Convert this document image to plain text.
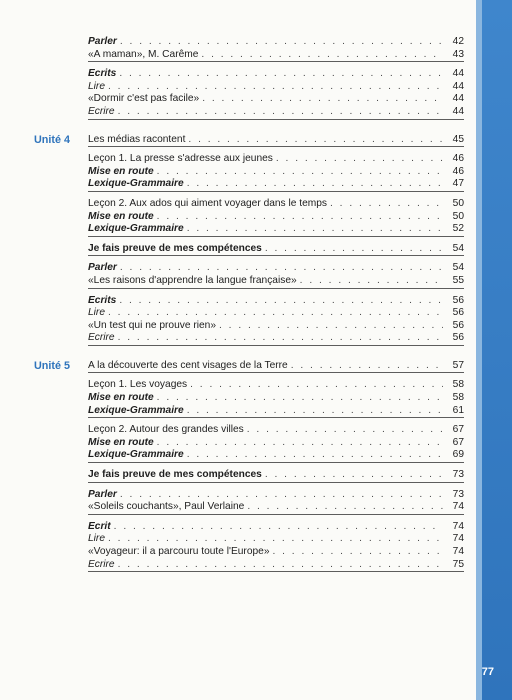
77
Parler . . .	42
«A maman», M. Carême . . .	43
Ecrits . . .	44
Lire . . .	44
«Dormir c'est pas facile» . . .	44
Ecrire . . .	44
Unité 4 Les médias racontent . . .	45
Leçon 1. La presse s'adresse aux jeunes . . .	46
Mise en route . . .	46
Lexique-Grammaire . . .	47
Leçon 2. Aux ados qui aiment voyager dans le temps . . .	50
Mise en route . . .	50
Lexique-Grammaire . . .	52
Je fais preuve de mes compétences . . .	54
Parler . . .	54
«Les raisons d'apprendre la langue française» . . .	55
Ecrits . . .	56
Lire . . .	56
«Un test qui ne prouve rien» . . .	56
Ecrire . . .	56
Unité 5 A la découverte des cent visages de la Terre . . .	57
Leçon 1. Les voyages . . .	58
Mise en route . . .	58
Lexique-Grammaire . . .	61
Leçon 2. Autour des grandes villes . . .	67
Mise en route . . .	67
Lexique-Grammaire . . .	69
Je fais preuve de mes compétences . . .	73
Parler . . .	73
«Soleils couchants», Paul Verlaine . . .	74
Ecrit . . .	74
Lire . . .	74
«Voyageur: il a parcouru toute l'Europe» . . .	74
Ecrire . . .	75
